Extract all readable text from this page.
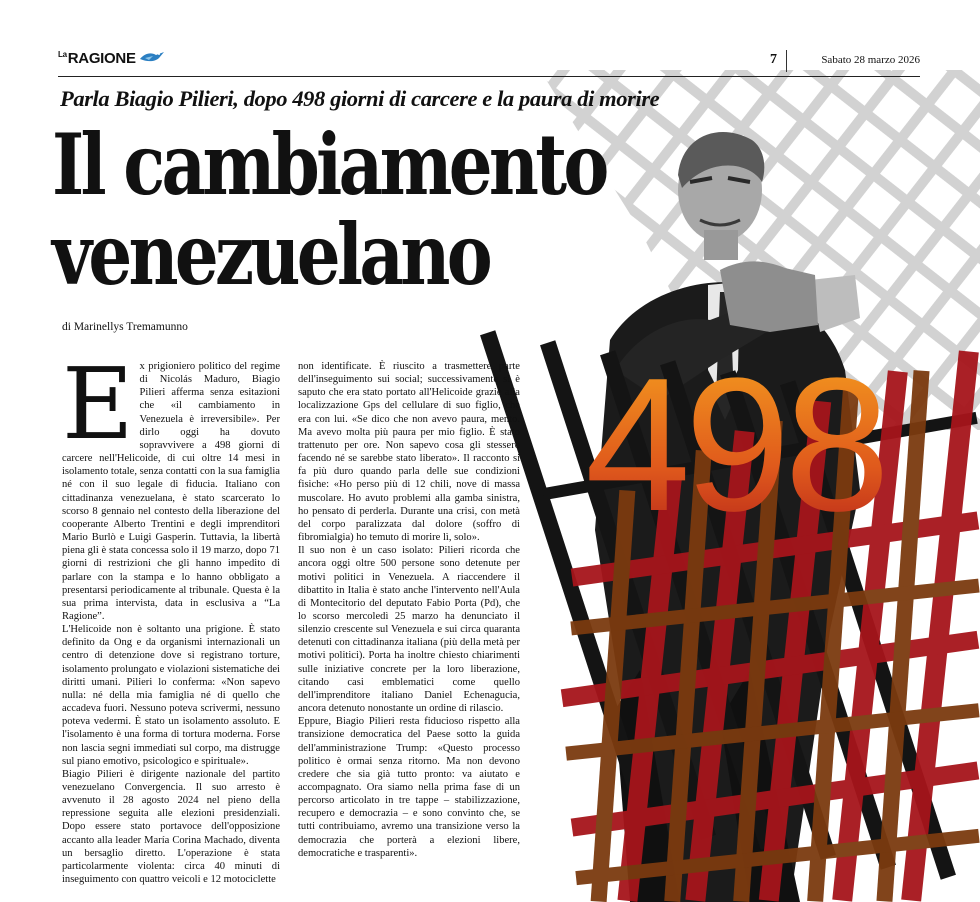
498
$^{La}$RAGIONE	7	Sabato 28 marzo 2026
Parla Biagio Pilieri, dopo 498 giorni di carcere e la paura di morire
Il cambiamento
venezuelano
di Marinellys Tremamunno

Ex prigioniero politico del regime di Nicolás Maduro, Biagio Pilieri afferma senza esitazioni che «il cambiamento in Venezuela è irreversibile». Per dirlo oggi ha dovuto sopravvivere a 498 giorni di carcere nell'Helicoide, di cui oltre 14 mesi in isolamento totale, senza contatti con la sua famiglia né con il suo legale di fiducia. Italiano con cittadinanza venezuelana, è stato scarcerato lo scorso 8 gennaio nel contesto della liberazione del cooperante Alberto Trentini e degli imprenditori Mario Burlò e Luigi Gasperin. Tuttavia, la libertà piena gli è stata concessa solo il 19 marzo, dopo 71 giorni di restrizioni che gli hanno impedito di parlare con la stampa e lo hanno obbligato a presentarsi periodicamente al tribunale. Questa è la sua prima intervista, data in esclusiva a “La Ragione”.

L'Helicoide non è soltanto una prigione. È stato definito da Ong e da organismi internazionali un centro di detenzione dove si registrano torture, isolamento prolungato e violazioni sistematiche dei diritti umani. Pilieri lo conferma: «Non sapevo nulla: né della mia famiglia né di quello che accadeva fuori. Nessuno poteva scrivermi, nessuno poteva vedermi. È stato un isolamento assoluto. E l'isolamento è una forma di tortura moderna. Forse non lascia segni immediati sul corpo, ma distrugge sul piano emotivo, psicologico e spirituale».

Biagio Pilieri è dirigente nazionale del partito venezuelano Convergencia. Il suo arresto è avvenuto il 28 agosto 2024 nel pieno della repressione seguita alle elezioni presidenziali. Dopo essere stato portavoce dell'opposizione accanto alla leader María Corina Machado, diventa un bersaglio diretto. L'operazione è stata particolarmente violenta: circa 40 minuti di inseguimento con quattro veicoli e 12 motociclette

non identificate. È riuscito a trasmettere parte dell'inseguimento sui social; successivamente si è saputo che era stato portato all'Helicoide grazie alla localizzazione Gps del cellulare di suo figlio, che era con lui. «Se dico che non avevo paura, mento. Ma avevo molta più paura per mio figlio. È stato trattenuto per ore. Non sapevo cosa gli stessero facendo né se sarebbe stato liberato». Il racconto si fa più duro quando parla delle sue condizioni fisiche: «Ho perso più di 12 chili, nove di massa muscolare. Ho avuto problemi alla gamba sinistra, ho pensato di perderla. Durante una crisi, con metà del corpo paralizzata dal dolore (soffro di fibromialgia) ho temuto di morire lì, solo».

Il suo non è un caso isolato: Pilieri ricorda che ancora oggi oltre 500 persone sono detenute per motivi politici in Venezuela. A riaccendere il dibattito in Italia è stato anche l'intervento nell'Aula di Montecitorio del deputato Fabio Porta (Pd), che lo scorso mercoledì 25 marzo ha denunciato il silenzio crescente sul Venezuela e sui circa quaranta detenuti con cittadinanza italiana (più della metà per motivi politici). Porta ha inoltre chiesto chiarimenti sulle iniziative concrete per la loro liberazione, citando casi emblematici come quello dell'imprenditore italiano Daniel Echenagucia, ancora detenuto nonostante un ordine di rilascio.

Eppure, Biagio Pilieri resta fiducioso rispetto alla transizione democratica del Paese sotto la guida dell'amministrazione Trump: «Questo processo politico è ormai senza ritorno. Ma non devono credere che sia già tutto pronto: va aiutato e accompagnato. Ora siamo nella prima fase di un percorso articolato in tre tappe – stabilizzazione, recupero e democrazia – e sono convinto che, se tutti contribuiamo, avremo una transizione verso la democrazia che porterà a elezioni libere, democratiche e trasparenti».
